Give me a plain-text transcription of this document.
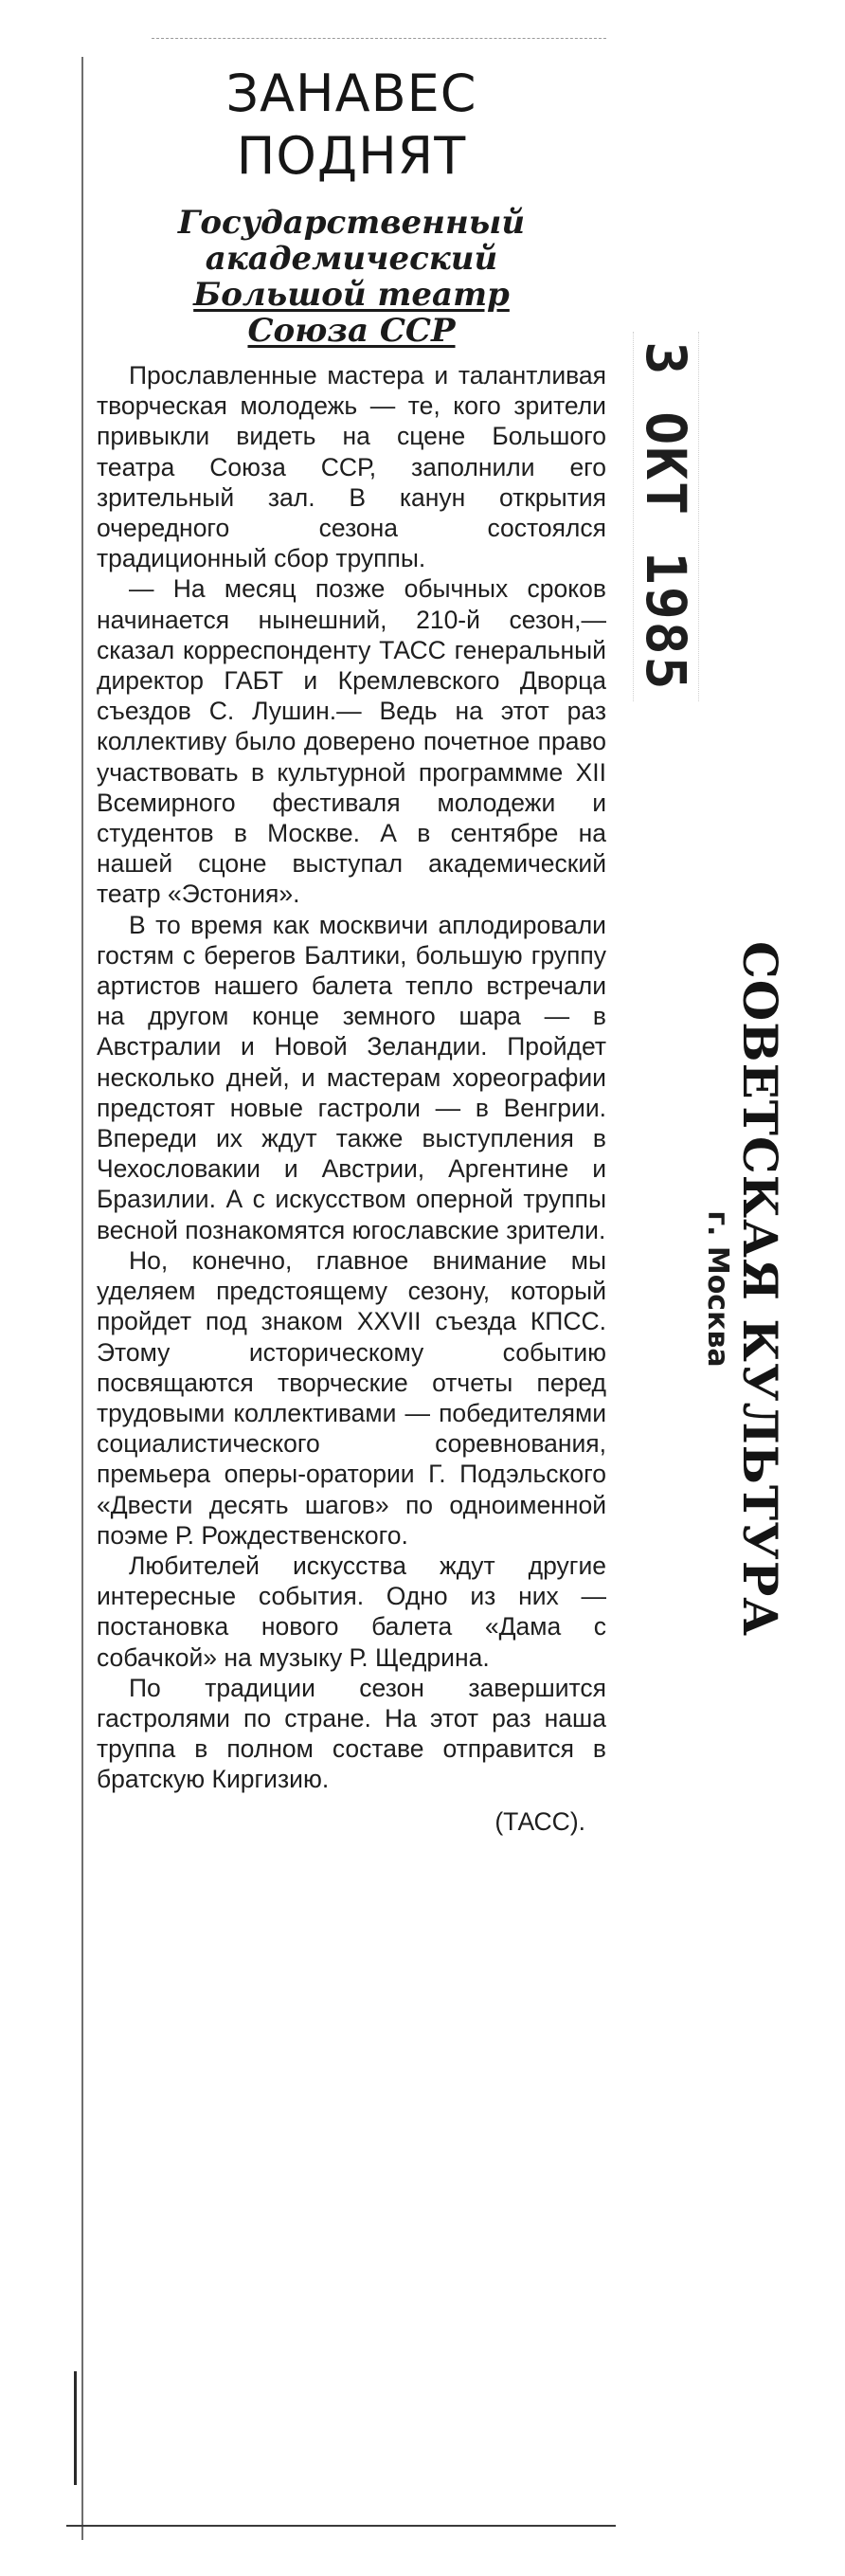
ЗАНАВЕС
ПОДНЯТ
Государственный
академический
Большой театр
Союза ССР

Прославленные мастера и талантливая творческая молодежь — те, кого зрители привыкли видеть на сцене Большого театра Союза ССР, заполнили его зрительный зал. В канун открытия очередного сезона состоялся традиционный сбор труппы.

— На месяц позже обычных сроков начинается нынешний, 210-й сезон,— сказал корреспонденту ТАСС генеральный директор ГАБТ и Кремлевского Дворца съездов С. Лушин.— Ведь на этот раз коллективу было доверено почетное право участвовать в культурной программме XII Всемирного фестиваля молодежи и студентов в Москве. А в сентябре на нашей сцоне выступал академический театр «Эстония».

В то время как москвичи аплодировали гостям с берегов Балтики, большую группу артистов нашего балета тепло встречали на другом конце земного шара — в Австралии и Новой Зеландии. Пройдет несколько дней, и мастерам хореографии предстоят новые гастроли — в Венгрии. Впереди их ждут также выступления в Чехословакии и Австрии, Аргентине и Бразилии. А с искусством оперной труппы весной познакомятся югославские зрители.

Но, конечно, главное внимание мы уделяем предстоящему сезону, который пройдет под знаком XXVII съезда КПСС. Этому историческому событию посвящаются творческие отчеты перед трудовыми коллективами — победителями социалистического соревнования, премьера оперы-оратории Г. Подэльского «Двести десять шагов» по одноименной поэме Р. Рождественского.

Любителей искусства ждут другие интересные события. Одно из них — постановка нового балета «Дама с собачкой» на музыку Р. Щедрина.

По традиции сезон завершится гастролями по стране. На этот раз наша труппа в полном составе отправится в братскую Киргизию.

(ТАСС).

3 ОКТ 1985
СОВЕТСКАЯ КУЛЬТУРА
г. Москва
